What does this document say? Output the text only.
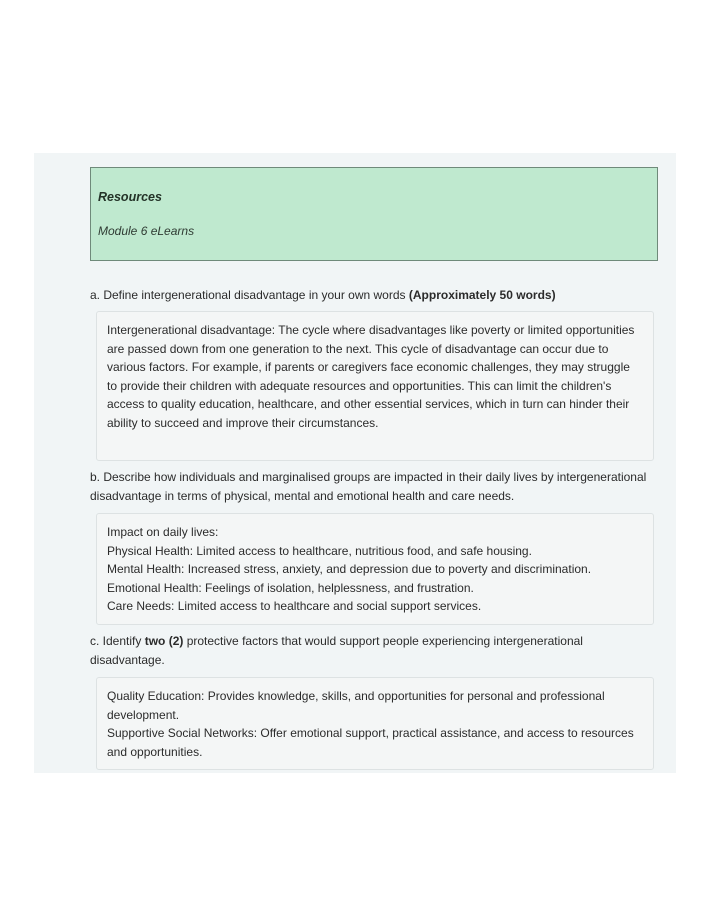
Resources
Module 6 eLearns
a. Define intergenerational disadvantage in your own words (Approximately 50 words)

Intergenerational disadvantage: The cycle where disadvantages like poverty or limited opportunities are passed down from one generation to the next. This cycle of disadvantage can occur due to various factors. For example, if parents or caregivers face economic challenges, they may struggle to provide their children with adequate resources and opportunities. This can limit the children's access to quality education, healthcare, and other essential services, which in turn can hinder their ability to succeed and improve their circumstances.

b. Describe how individuals and marginalised groups are impacted in their daily lives by intergenerational disadvantage in terms of physical, mental and emotional health and care needs.

Impact on daily lives:

Physical Health: Limited access to healthcare, nutritious food, and safe housing.

Mental Health: Increased stress, anxiety, and depression due to poverty and discrimination.

Emotional Health: Feelings of isolation, helplessness, and frustration.

Care Needs: Limited access to healthcare and social support services.

c. Identify two (2) protective factors that would support people experiencing intergenerational disadvantage.

Quality Education: Provides knowledge, skills, and opportunities for personal and professional development.

Supportive Social Networks: Offer emotional support, practical assistance, and access to resources and opportunities.
